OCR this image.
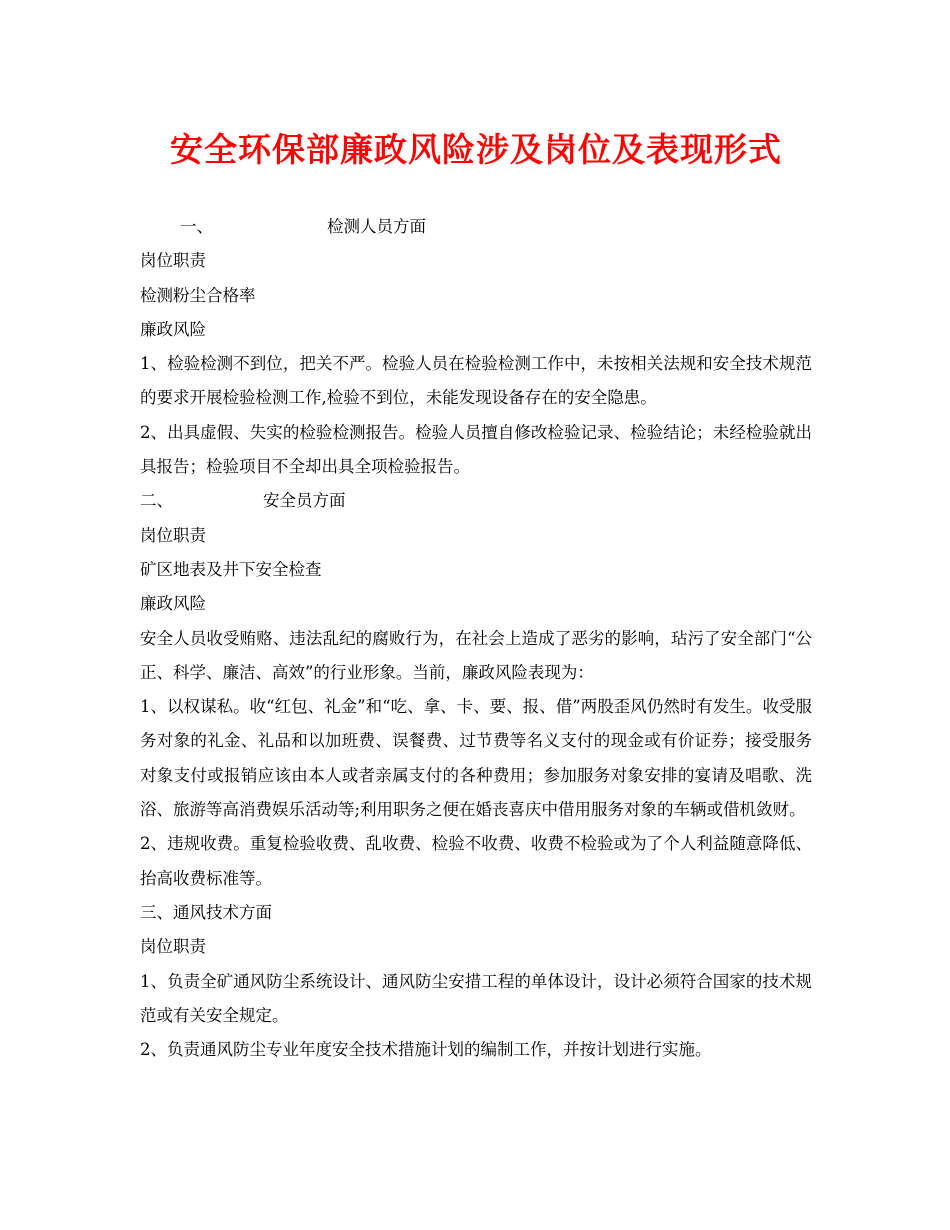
安全环保部廉政风险涉及岗位及表现形式

一、	检测人员方面

岗位职责

检测粉尘合格率

廉政风险

1、检验检测不到位，把关不严。检验人员在检验检测工作中，未按相关法规和安全技术规范的要求开展检验检测工作,检验不到位，未能发现设备存在的安全隐患。

2、出具虚假、失实的检验检测报告。检验人员擅自修改检验记录、检验结论；未经检验就出具报告；检验项目不全却出具全项检验报告。

二、	安全员方面

岗位职责

矿区地表及井下安全检查

廉政风险

安全人员收受贿赂、违法乱纪的腐败行为，在社会上造成了恶劣的影响，玷污了安全部门“公正、科学、廉洁、高效”的行业形象。当前，廉政风险表现为：

1、以权谋私。收“红包、礼金”和“吃、拿、卡、要、报、借”两股歪风仍然时有发生。收受服务对象的礼金、礼品和以加班费、误餐费、过节费等名义支付的现金或有价证券；接受服务对象支付或报销应该由本人或者亲属支付的各种费用；参加服务对象安排的宴请及唱歌、洗浴、旅游等高消费娱乐活动等;利用职务之便在婚丧喜庆中借用服务对象的车辆或借机敛财。

2、违规收费。重复检验收费、乱收费、检验不收费、收费不检验或为了个人利益随意降低、抬高收费标准等。

三、通风技术方面

岗位职责

1、负责全矿通风防尘系统设计、通风防尘安措工程的单体设计，设计必须符合国家的技术规范或有关安全规定。

2、负责通风防尘专业年度安全技术措施计划的编制工作，并按计划进行实施。
